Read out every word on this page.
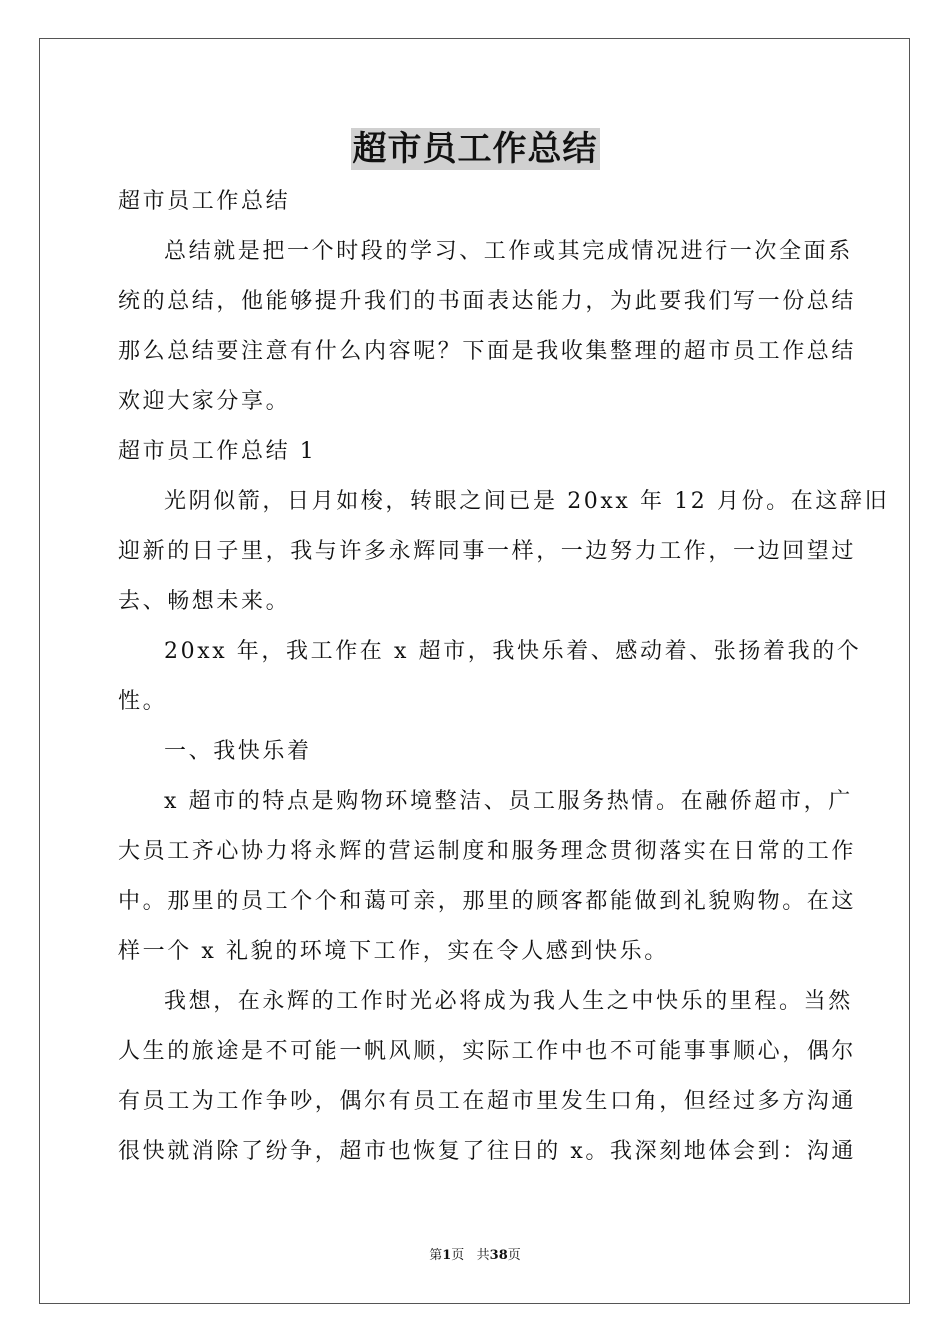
超市员工作总结
超市员工作总结
总结就是把一个时段的学习、工作或其完成情况进行一次全面系
统的总结，他能够提升我们的书面表达能力，为此要我们写一份总结
那么总结要注意有什么内容呢？下面是我收集整理的超市员工作总结
欢迎大家分享。
超市员工作总结 1
光阴似箭，日月如梭，转眼之间已是 20xx 年 12 月份。在这辞旧
迎新的日子里，我与许多永辉同事一样，一边努力工作，一边回望过
去、畅想未来。
20xx 年，我工作在 x 超市，我快乐着、感动着、张扬着我的个
性。
一、我快乐着
x 超市的特点是购物环境整洁、员工服务热情。在融侨超市，广
大员工齐心协力将永辉的营运制度和服务理念贯彻落实在日常的工作
中。那里的员工个个和蔼可亲，那里的顾客都能做到礼貌购物。在这
样一个 x 礼貌的环境下工作，实在令人感到快乐。
我想，在永辉的工作时光必将成为我人生之中快乐的里程。当然
人生的旅途是不可能一帆风顺，实际工作中也不可能事事顺心，偶尔
有员工为工作争吵，偶尔有员工在超市里发生口角，但经过多方沟通
很快就消除了纷争，超市也恢复了往日的 x。我深刻地体会到：沟通
第1页   共38页
